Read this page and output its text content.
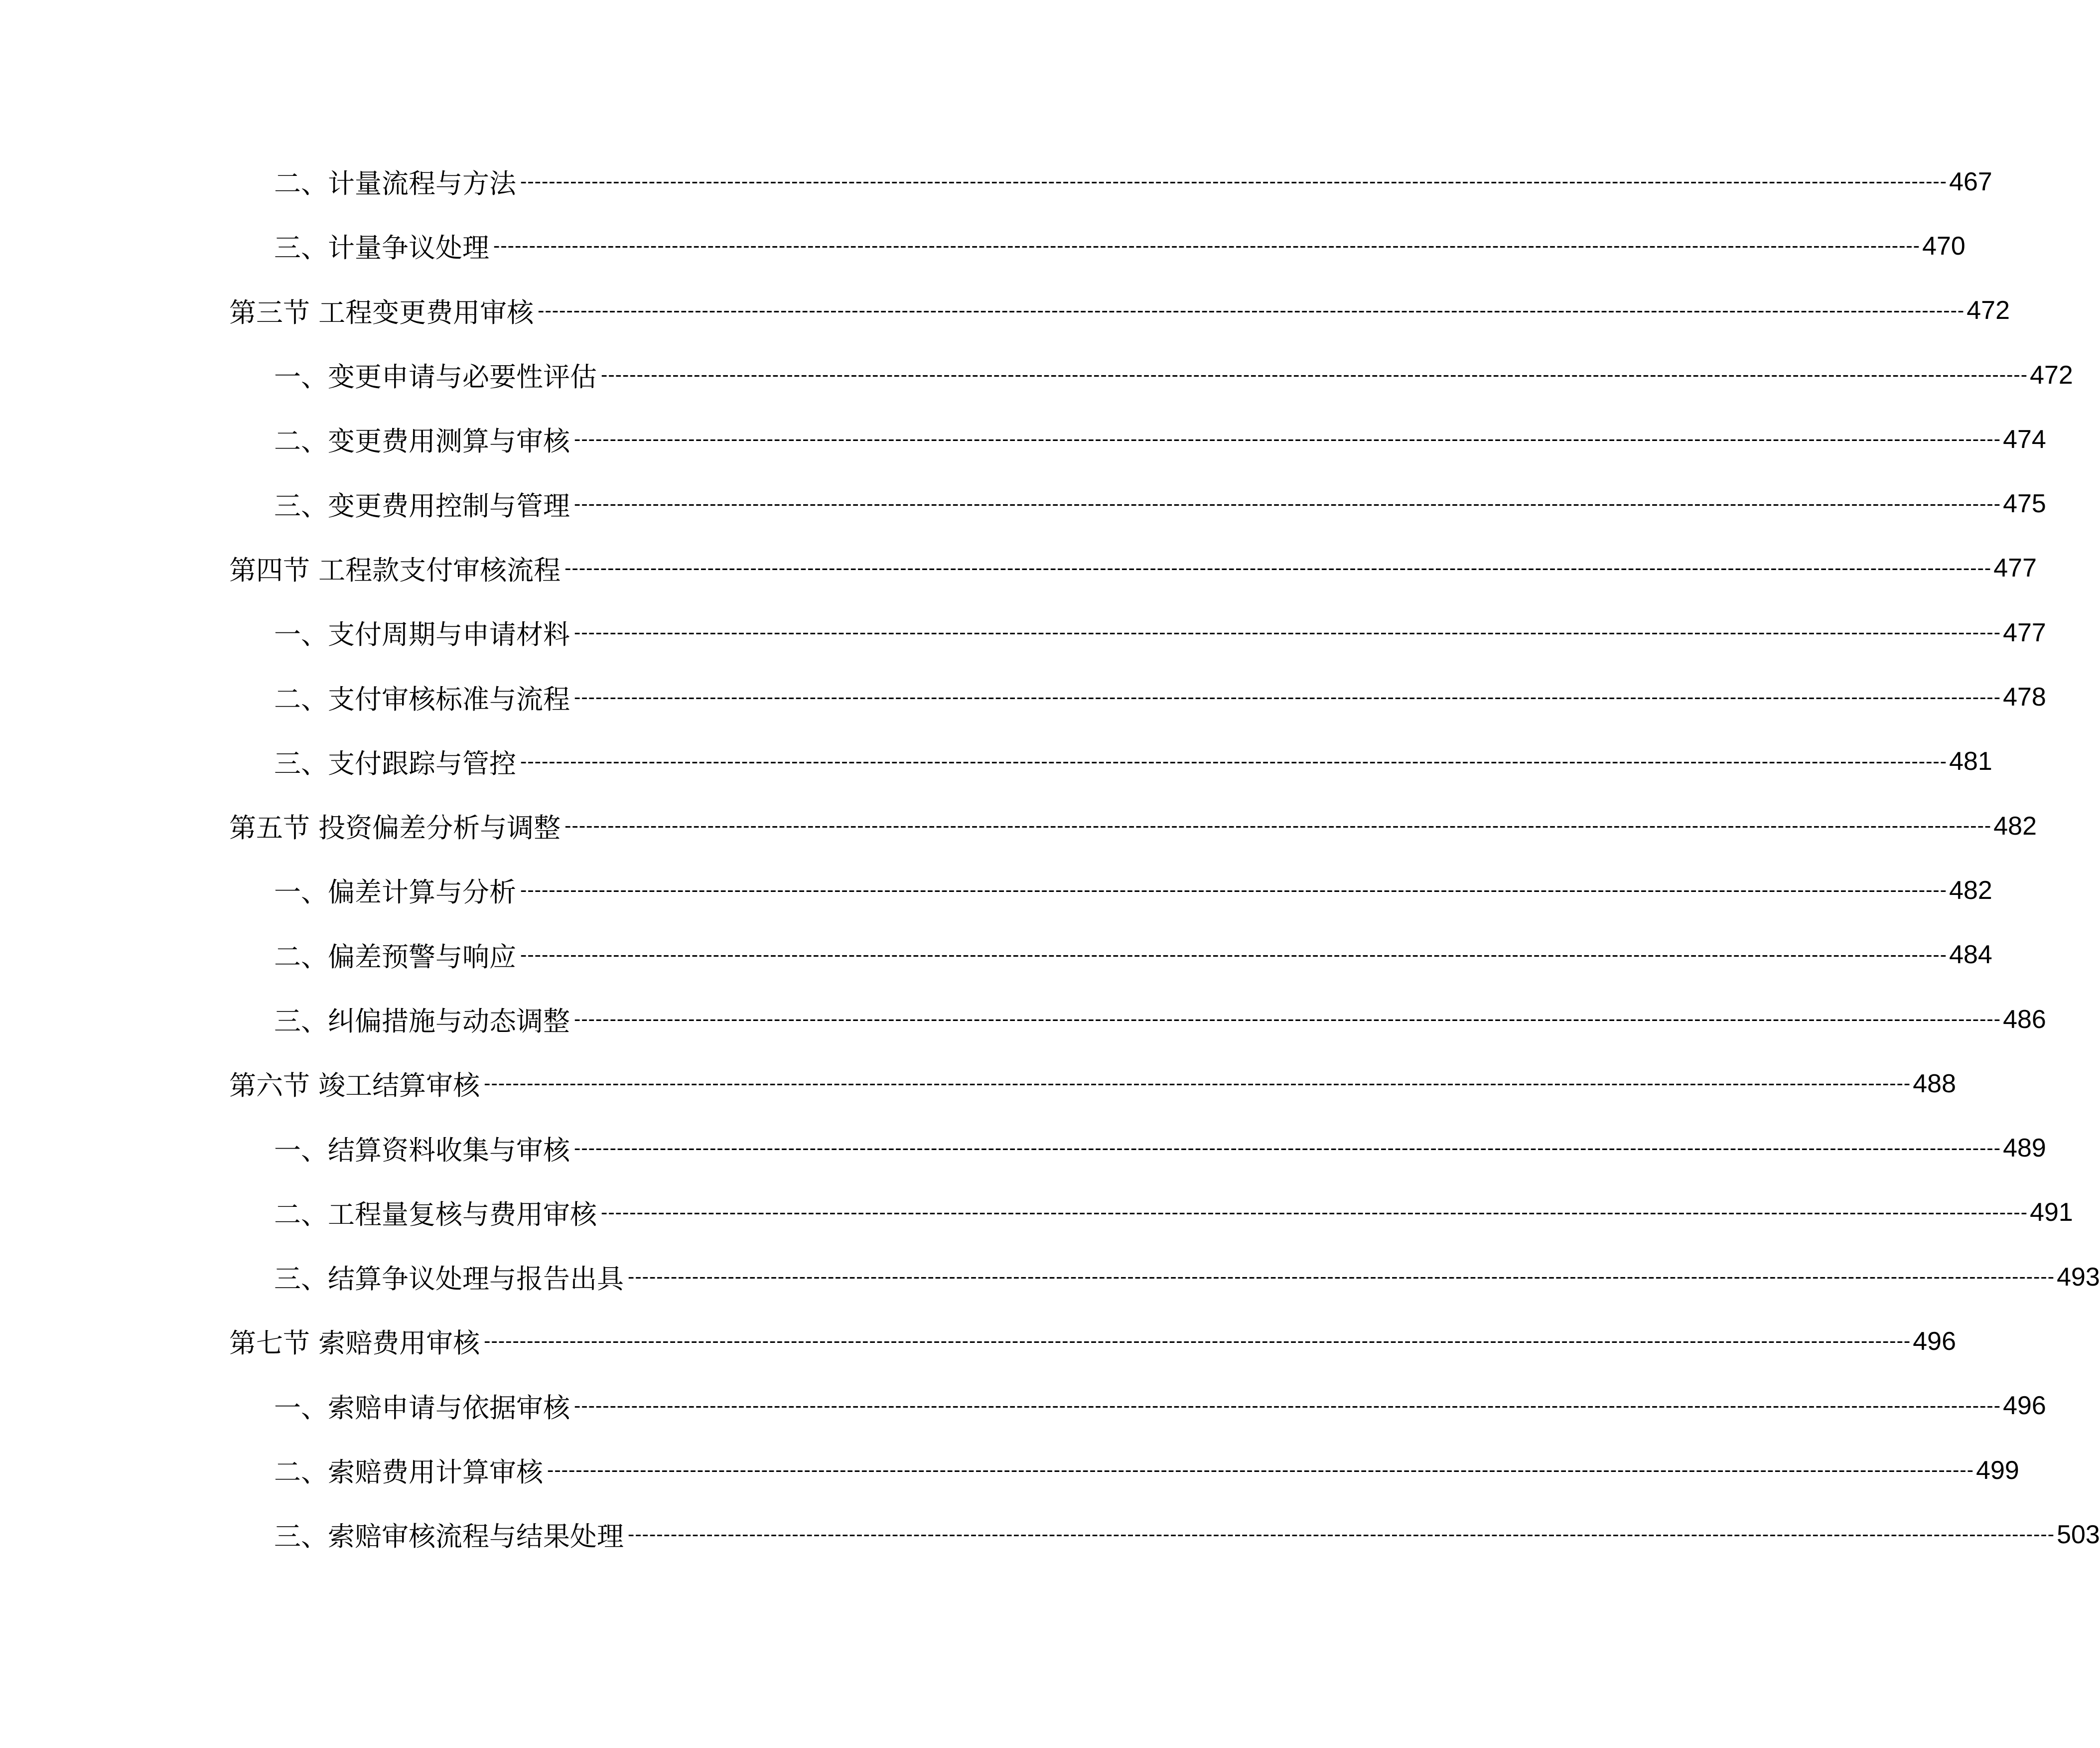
二、计量流程与方法 -------------------------------------------------------------------------------------------------------------------------------------------------------------------------------------------------------- 467
三、计量争议处理 -------------------------------------------------------------------------------------------------------------------------------------------------------------------------------------------------------- 470
第三节 工程变更费用审核 -------------------------------------------------------------------------------------------------------------------------------------------------------------------------------------------------------- 472
一、变更申请与必要性评估 -------------------------------------------------------------------------------------------------------------------------------------------------------------------------------------------------------- 472
二、变更费用测算与审核 -------------------------------------------------------------------------------------------------------------------------------------------------------------------------------------------------------- 474
三、变更费用控制与管理 -------------------------------------------------------------------------------------------------------------------------------------------------------------------------------------------------------- 475
第四节 工程款支付审核流程 -------------------------------------------------------------------------------------------------------------------------------------------------------------------------------------------------------- 477
一、支付周期与申请材料 -------------------------------------------------------------------------------------------------------------------------------------------------------------------------------------------------------- 477
二、支付审核标准与流程 -------------------------------------------------------------------------------------------------------------------------------------------------------------------------------------------------------- 478
三、支付跟踪与管控 -------------------------------------------------------------------------------------------------------------------------------------------------------------------------------------------------------- 481
第五节 投资偏差分析与调整 -------------------------------------------------------------------------------------------------------------------------------------------------------------------------------------------------------- 482
一、偏差计算与分析 -------------------------------------------------------------------------------------------------------------------------------------------------------------------------------------------------------- 482
二、偏差预警与响应 -------------------------------------------------------------------------------------------------------------------------------------------------------------------------------------------------------- 484
三、纠偏措施与动态调整 -------------------------------------------------------------------------------------------------------------------------------------------------------------------------------------------------------- 486
第六节 竣工结算审核 -------------------------------------------------------------------------------------------------------------------------------------------------------------------------------------------------------- 488
一、结算资料收集与审核 -------------------------------------------------------------------------------------------------------------------------------------------------------------------------------------------------------- 489
二、工程量复核与费用审核 -------------------------------------------------------------------------------------------------------------------------------------------------------------------------------------------------------- 491
三、结算争议处理与报告出具 -------------------------------------------------------------------------------------------------------------------------------------------------------------------------------------------------------- 493
第七节 索赔费用审核 -------------------------------------------------------------------------------------------------------------------------------------------------------------------------------------------------------- 496
一、索赔申请与依据审核 -------------------------------------------------------------------------------------------------------------------------------------------------------------------------------------------------------- 496
二、索赔费用计算审核 -------------------------------------------------------------------------------------------------------------------------------------------------------------------------------------------------------- 499
三、索赔审核流程与结果处理 -------------------------------------------------------------------------------------------------------------------------------------------------------------------------------------------------------- 503
